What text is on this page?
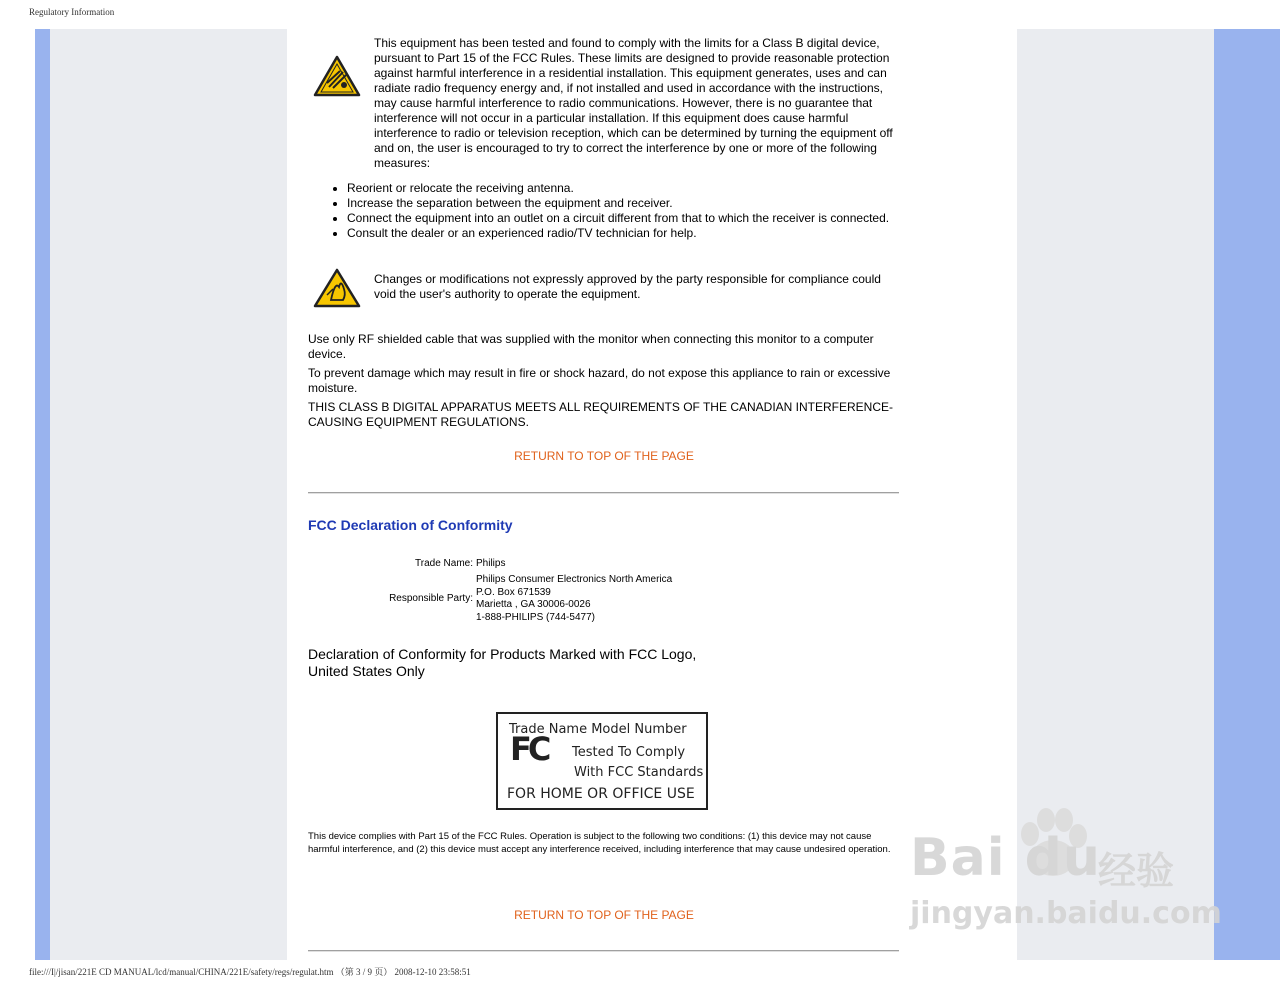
Regulatory Information
This equipment has been tested and found to comply with the limits for a Class B digital device, pursuant to Part 15 of the FCC Rules. These limits are designed to provide reasonable protection against harmful interference in a residential installation. This equipment generates, uses and can radiate radio frequency energy and, if not installed and used in accordance with the instructions, may cause harmful interference to radio communications. However, there is no guarantee that interference will not occur in a particular installation. If this equipment does cause harmful interference to radio or television reception, which can be determined by turning the equipment off and on, the user is encouraged to try to correct the interference by one or more of the following measures:
• Reorient or relocate the receiving antenna.
• Increase the separation between the equipment and receiver.
• Connect the equipment into an outlet on a circuit different from that to which the receiver is connected.
• Consult the dealer or an experienced radio/TV technician for help.
Changes or modifications not expressly approved by the party responsible for compliance could void the user's authority to operate the equipment.
Use only RF shielded cable that was supplied with the monitor when connecting this monitor to a computer device.
To prevent damage which may result in fire or shock hazard, do not expose this appliance to rain or excessive moisture.
THIS CLASS B DIGITAL APPARATUS MEETS ALL REQUIREMENTS OF THE CANADIAN INTERFERENCE-CAUSING EQUIPMENT REGULATIONS.
RETURN TO TOP OF THE PAGE
FCC Declaration of Conformity
Trade Name: Philips
Responsible Party:
Philips Consumer Electronics North America
P.O. Box 671539
Marietta , GA 30006-0026
1-888-PHILIPS (744-5477)
Declaration of Conformity for Products Marked with FCC Logo,
United States Only
Trade Name Model Number
FC Tested To Comply
With FCC Standards
FOR HOME OR OFFICE USE
This device complies with Part 15 of the FCC Rules. Operation is subject to the following two conditions: (1) this device may not cause harmful interference, and (2) this device must accept any interference received, including interference that may cause undesired operation.
RETURN TO TOP OF THE PAGE
Bai du
经验
jingyan.baidu.com
file:///I|/jisan/221E CD MANUAL/lcd/manual/CHINA/221E/safety/regs/regulat.htm （第 3 / 9 页） 2008-12-10 23:58:51
